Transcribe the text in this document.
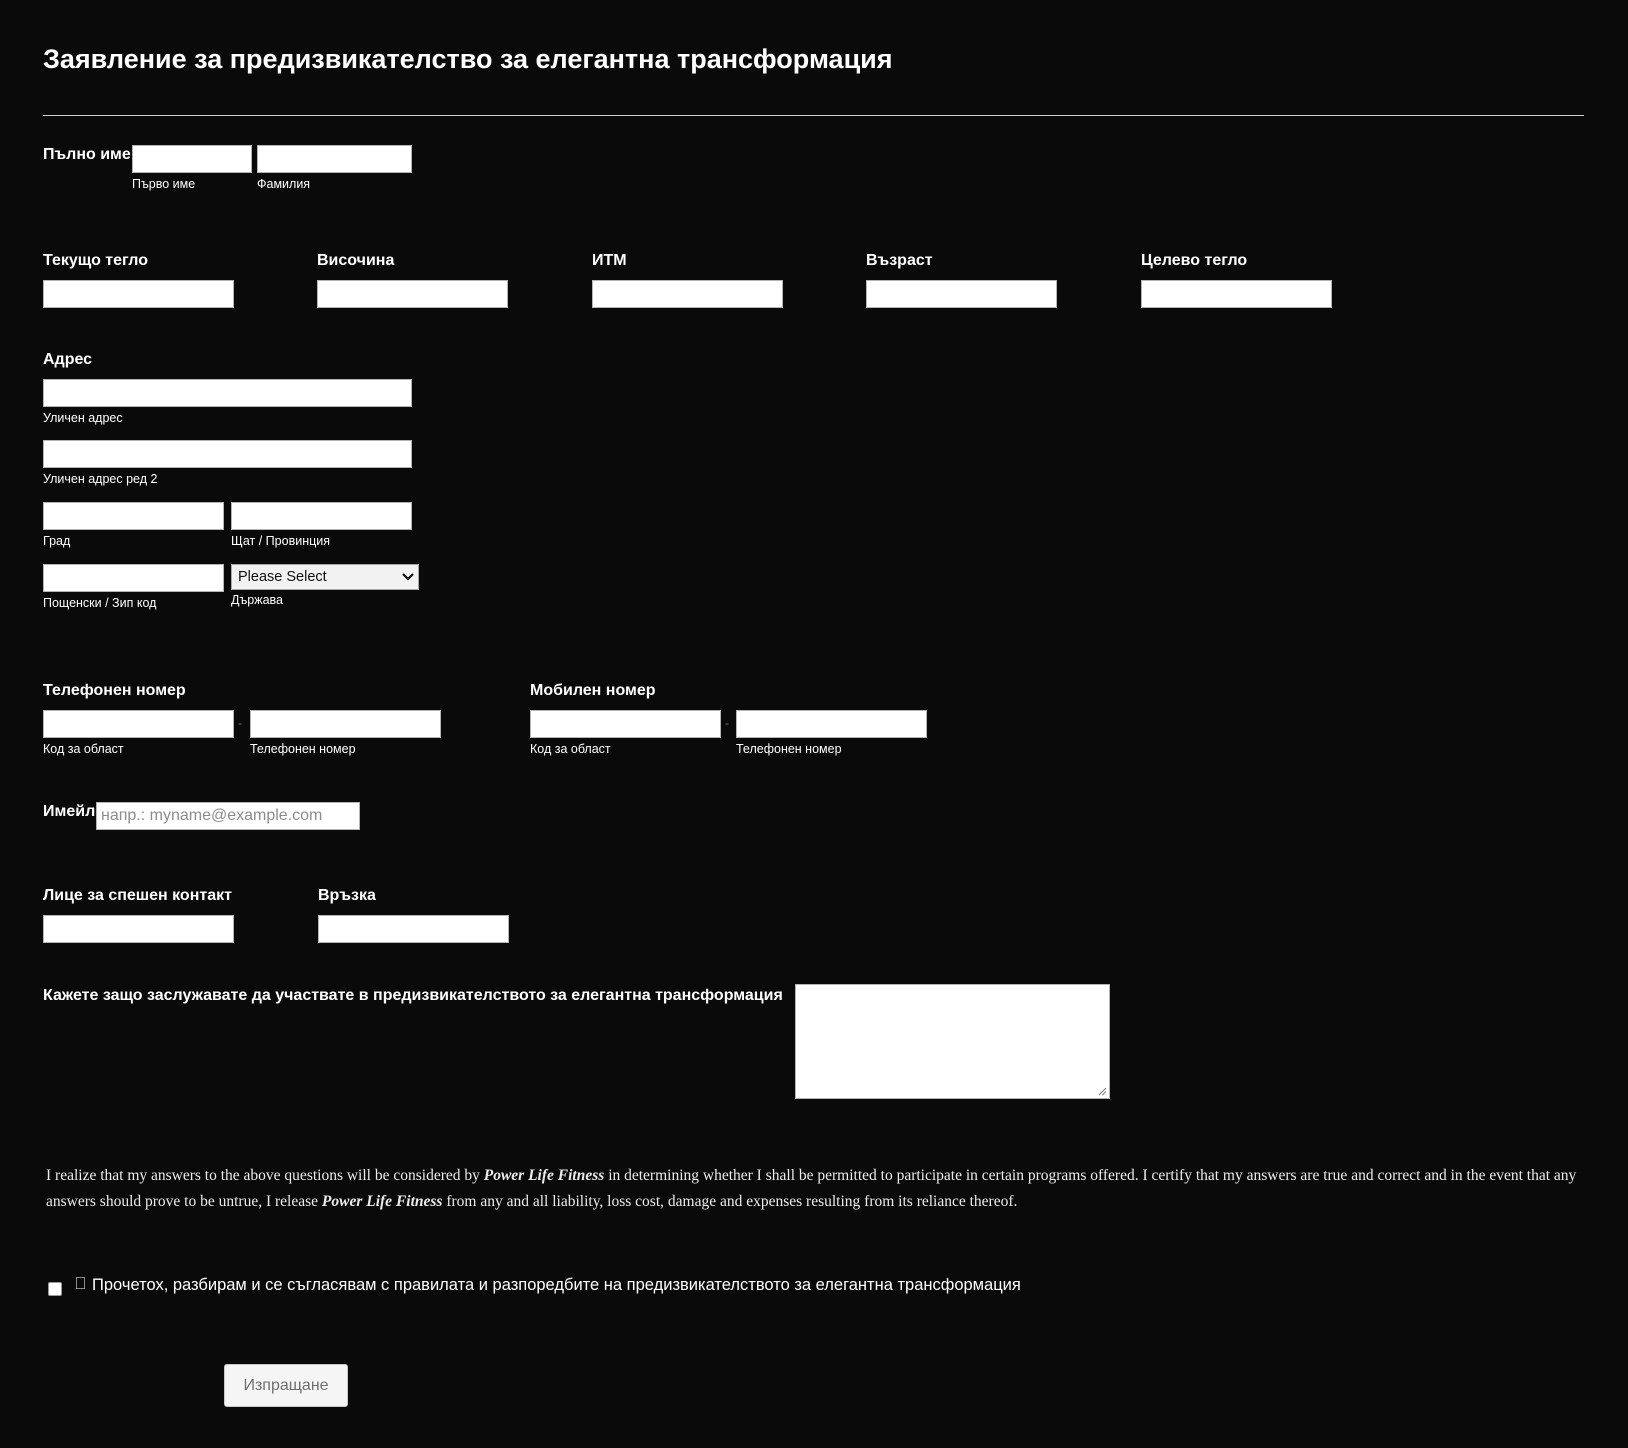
Заявление за предизвикателство за елегантна трансформация
Пълно име
Първо име	Фамилия
Текущо тегло	Височина	ИТМ	Възраст	Целево тегло
Адрес
Уличен адрес
Уличен адрес ред 2
Град	Щат / Провинция
Please Select
Пощенски / Зип код	Държава
Телефонен номер
-
Код за област	Телефонен номер
Мобилен номер
-
Код за област	Телефонен номер
Имейл
напр.: myname@example.com
Лице за спешен контакт	Връзка
Кажете защо заслужавате да участвате в предизвикателството за елегантна трансформация
I realize that my answers to the above questions will be considered by Power Life Fitness in determining whether I shall be permitted to participate in certain programs offered. I certify that my answers are true and correct and in the event that any answers should prove to be untrue, I release Power Life Fitness from any and all liability, loss cost, damage and expenses resulting from its reliance thereof.
Прочетох, разбирам и се съгласявам с правилата и разпоредбите на предизвикателството за елегантна трансформация
Изпращане
